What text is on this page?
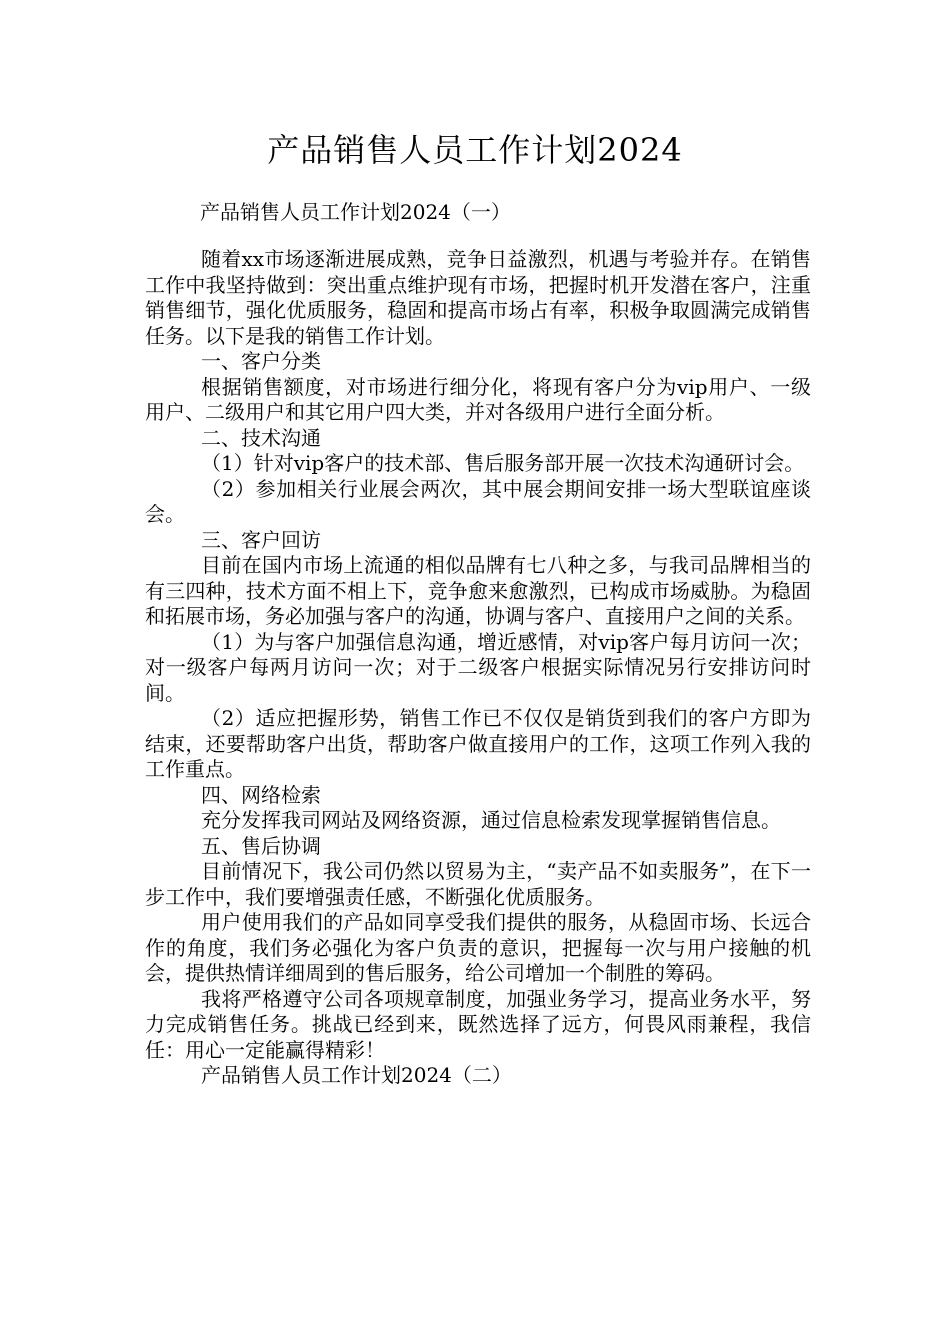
产品销售人员工作计划2024
产品销售人员工作计划2024（一）

随着xx市场逐渐进展成熟，竞争日益激烈，机遇与考验并存。在销售工作中我坚持做到：突出重点维护现有市场，把握时机开发潜在客户，注重销售细节，强化优质服务，稳固和提高市场占有率，积极争取圆满完成销售任务。以下是我的销售工作计划。

一、客户分类

根据销售额度，对市场进行细分化，将现有客户分为vip用户、一级用户、二级用户和其它用户四大类，并对各级用户进行全面分析。

二、技术沟通

（1）针对vip客户的技术部、售后服务部开展一次技术沟通研讨会。

（2）参加相关行业展会两次，其中展会期间安排一场大型联谊座谈会。

三、客户回访

目前在国内市场上流通的相似品牌有七八种之多，与我司品牌相当的有三四种，技术方面不相上下，竞争愈来愈激烈，已构成市场威胁。为稳固和拓展市场，务必加强与客户的沟通，协调与客户、直接用户之间的关系。

（1）为与客户加强信息沟通，增近感情，对vip客户每月访问一次；对一级客户每两月访问一次；对于二级客户根据实际情况另行安排访问时间。

（2）适应把握形势，销售工作已不仅仅是销货到我们的客户方即为结束，还要帮助客户出货，帮助客户做直接用户的工作，这项工作列入我的工作重点。

四、网络检索

充分发挥我司网站及网络资源，通过信息检索发现掌握销售信息。

五、售后协调

目前情况下，我公司仍然以贸易为主，“卖产品不如卖服务”，在下一步工作中，我们要增强责任感，不断强化优质服务。

用户使用我们的产品如同享受我们提供的服务，从稳固市场、长远合作的角度，我们务必强化为客户负责的意识，把握每一次与用户接触的机会，提供热情详细周到的售后服务，给公司增加一个制胜的筹码。

我将严格遵守公司各项规章制度，加强业务学习，提高业务水平，努力完成销售任务。挑战已经到来，既然选择了远方，何畏风雨兼程，我信任：用心一定能赢得精彩！

产品销售人员工作计划2024（二）
